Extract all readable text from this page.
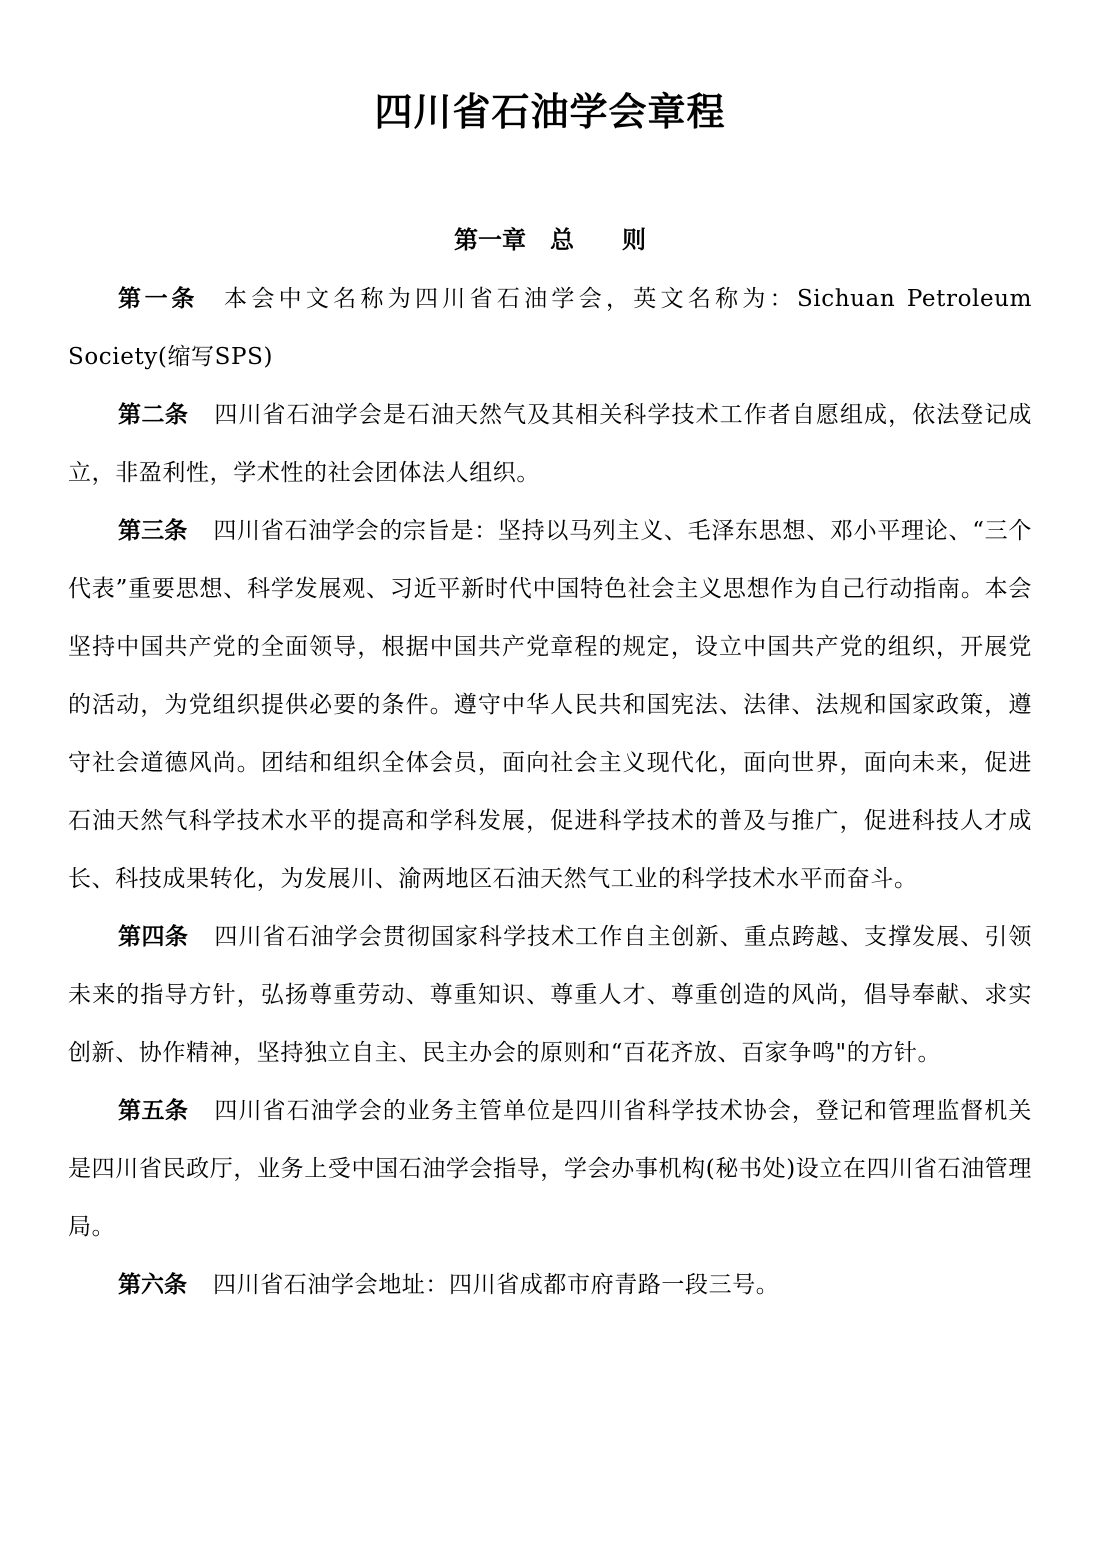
四川省石油学会章程
第一章　总　　则

第一条 本会中文名称为四川省石油学会，英文名称为：Sichuan Petroleum Society(缩写SPS)

第二条 四川省石油学会是石油天然气及其相关科学技术工作者自愿组成，依法登记成立，非盈利性，学术性的社会团体法人组织。

第三条 四川省石油学会的宗旨是：坚持以马列主义、毛泽东思想、邓小平理论、“三个代表”重要思想、科学发展观、习近平新时代中国特色社会主义思想作为自己行动指南。本会坚持中国共产党的全面领导，根据中国共产党章程的规定，设立中国共产党的组织，开展党的活动，为党组织提供必要的条件。遵守中华人民共和国宪法、法律、法规和国家政策，遵守社会道德风尚。团结和组织全体会员，面向社会主义现代化，面向世界，面向未来，促进石油天然气科学技术水平的提高和学科发展，促进科学技术的普及与推广，促进科技人才成长、科技成果转化，为发展川、渝两地区石油天然气工业的科学技术水平而奋斗。

第四条 四川省石油学会贯彻国家科学技术工作自主创新、重点跨越、支撑发展、引领未来的指导方针，弘扬尊重劳动、尊重知识、尊重人才、尊重创造的风尚，倡导奉献、求实创新、协作精神，坚持独立自主、民主办会的原则和“百花齐放、百家争鸣"的方针。

第五条 四川省石油学会的业务主管单位是四川省科学技术协会，登记和管理监督机关是四川省民政厅，业务上受中国石油学会指导，学会办事机构(秘书处)设立在四川省石油管理局。

第六条 四川省石油学会地址：四川省成都市府青路一段三号。
